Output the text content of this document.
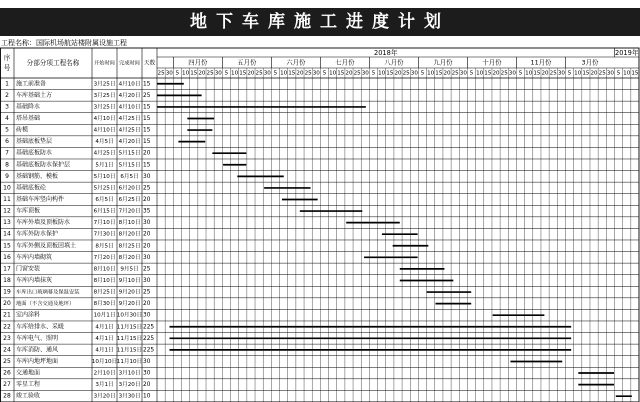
地下车库施工进度计划
工程名称：国际机场航站楼附属设施工程
25 30 5 10 15 20 25 30 5 10 15 20 25 30 5 10 15 20 25 30 5 10 15 20 25 30 5 10 15 20 25 30 5 10 15 20 25 30 5 10 15 20 25 30 5 10 15 20 25 30 5 10 15 20 25 30 5 10 15
四月份	五月份	六月份	七月份	八月份	九月份	十月份	11月份	3月份
2018年	2019年
序
号
分部分项工程名称	开始时间 完成时间 天数
1 施工前准备	3月25日 4月10日 15
2 车库基础土方	3月25日 4月20日 25
3 基础降水	3月25日 4月10日 15
4 塔吊基础	4月10日 4月25日 15
5 砖模	4月10日 4月25日 15
6 基础底板垫层	4月5日 4月20日 15
7 基础底板防水	4月25日 5月15日 20
8 基础底板防水保护层	5月1日 5月15日 15
9 基础钢筋、模板	5月10日 6月5日 30
10 基础底板砼	5月25日 6月20日 25
11 基础车库竖向构件	6月5日 6月25日 20
12 车库顶板	6月15日 7月20日 35
13 车库外墙及顶板防水	7月10日 8月10日 30
14 车库外防水保护	7月30日 8月20日 20
15 车库外侧及顶板回填土	8月5日 8月25日 20
16 车库内墙砌筑	7月20日 8月20日 30
17 门窗安装	8月10日 9月5日 25
18 车库内墙抹灰	8月10日 9月10日 30
19 车库出口玻璃幕及保温安装 8月25日 9月20日 25
20 地面（不含交通及地坪）	8月30日 9月20日 20
21 室内涂料	10月1日 10月30日 30
22 车库给排水、采暖	4月1日 11月15日 225
23 车库电气、照明	4月1日 11月15日 225
24 车库消防、通风	4月1日 11月15日 225
25 车库内地坪地面	10月10日 11月10日 30
26 交通地面	2月10日 3月10日 30
27 零星工程	3月1日 3月20日 20
28 竣工验收	3月20日 3月30日 10
